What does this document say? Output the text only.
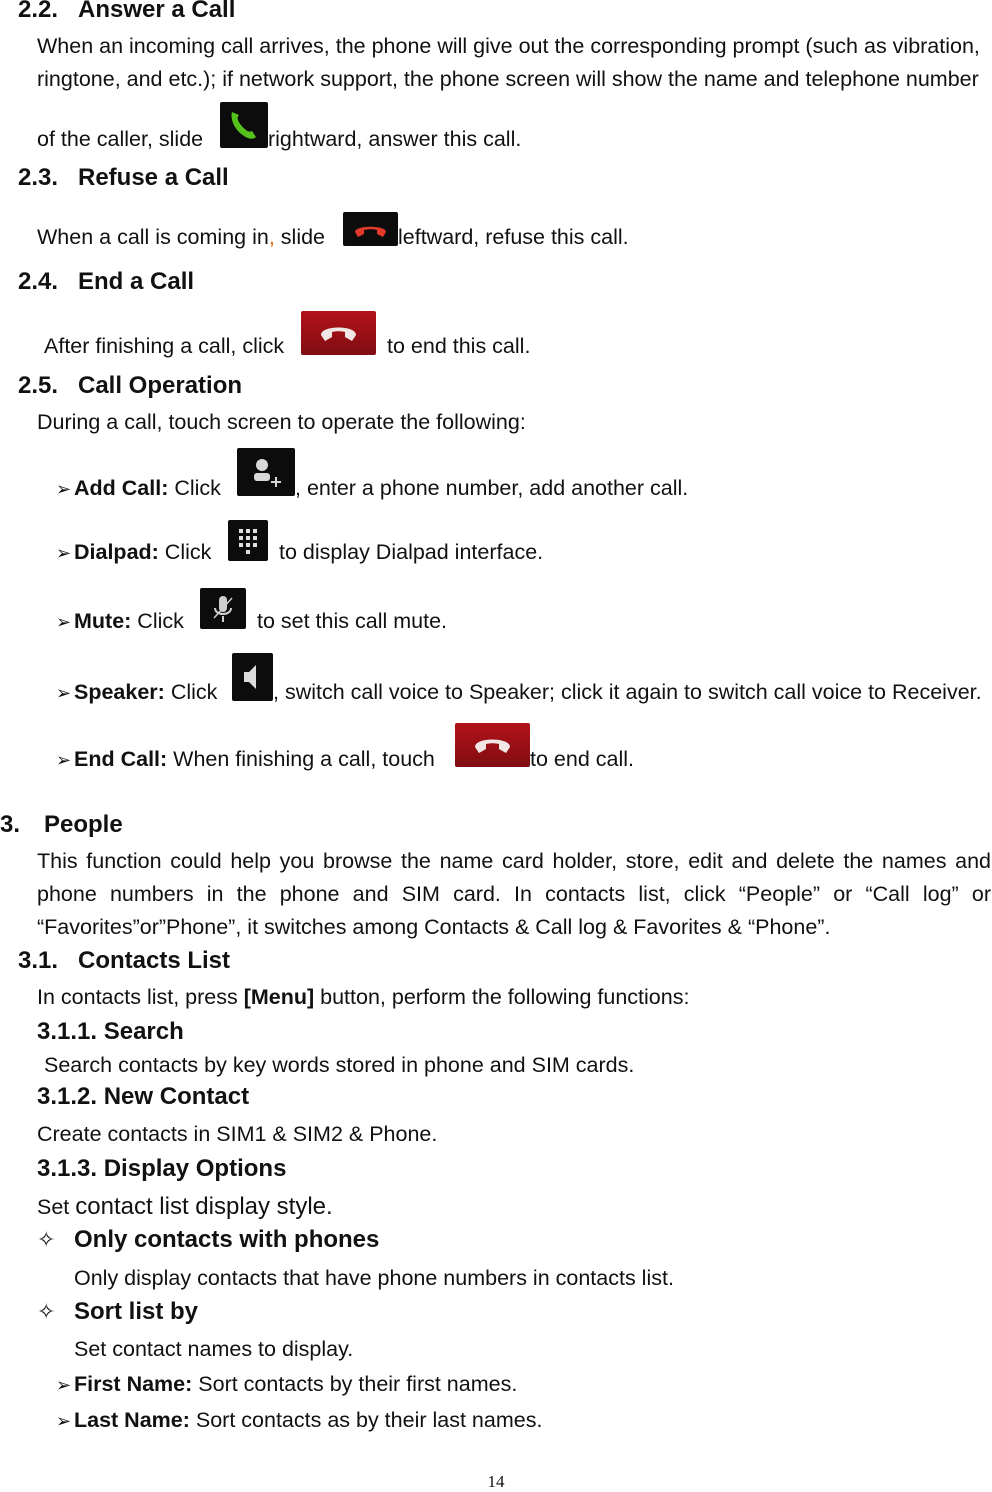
2.2. Answer a Call
When an incoming call arrives, the phone will give out the corresponding prompt (such as vibration,
ringtone, and etc.); if network support, the phone screen will show the name and telephone number
of the caller, slide	rightward, answer this call.
2.3. Refuse a Call
When a call is coming in, slide	leftward, refuse this call.
2.4. End a Call
After finishing a call, click	to end this call.
2.5. Call Operation
During a call, touch screen to operate the following:
➢ Add Call: Click	, enter a phone number, add another call.
➢ Dialpad: Click	to display Dialpad interface.
➢ Mute: Click	to set this call mute.
➢ Speaker: Click	, switch call voice to Speaker; click it again to switch call voice to Receiver.
➢ End Call: When finishing a call, touch	to end call.
3. People
This function could help you browse the name card holder, store, edit and delete the names and phone numbers in the phone and SIM card. In contacts list, click “People” or “Call log” or “Favorites”or”Phone”, it switches among Contacts & Call log & Favorites & “Phone”.
3.1. Contacts List
In contacts list, press [Menu] button, perform the following functions:
3.1.1. Search
Search contacts by key words stored in phone and SIM cards.
3.1.2. New Contact
Create contacts in SIM1 & SIM2 & Phone.
3.1.3. Display Options
Set contact list display style.
✧ Only contacts with phones
Only display contacts that have phone numbers in contacts list.
✧ Sort list by
Set contact names to display.
➢ First Name: Sort contacts by their first names.
➢ Last Name: Sort contacts as by their last names.
14
